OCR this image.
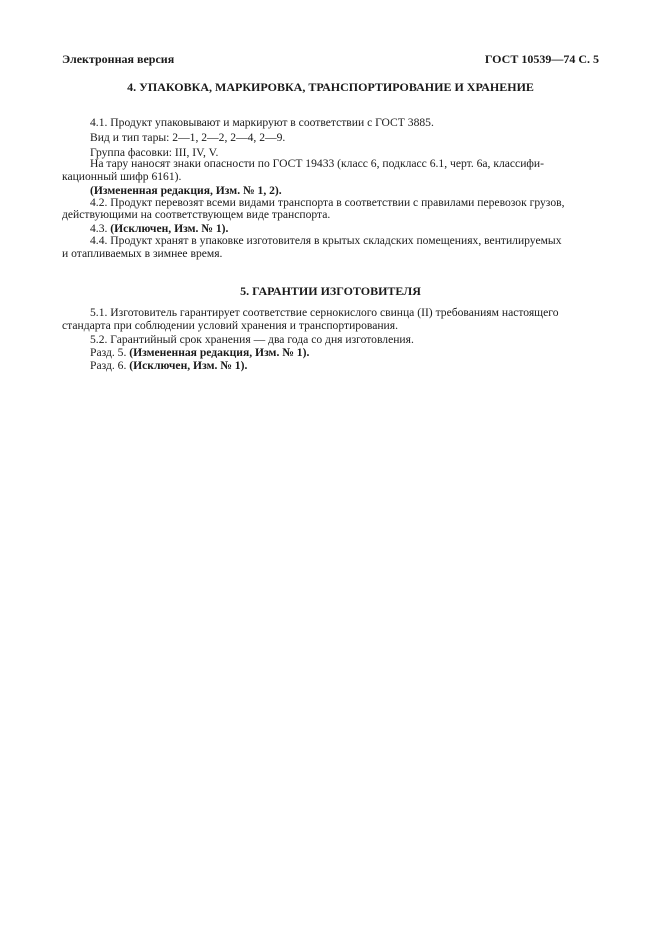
Электронная версия	ГОСТ 10539—74 С. 5
4. УПАКОВКА, МАРКИРОВКА, ТРАНСПОРТИРОВАНИЕ И ХРАНЕНИЕ
4.1. Продукт упаковывают и маркируют в соответствии с ГОСТ 3885.
Вид и тип тары: 2—1, 2—2, 2—4, 2—9.
Группа фасовки: III, IV, V.
На тару наносят знаки опасности по ГОСТ 19433 (класс 6, подкласс 6.1, черт. 6а, классифи-
кационный шифр 6161).
(Измененная редакция, Изм. № 1, 2).
4.2. Продукт перевозят всеми видами транспорта в соответствии с правилами перевозок грузов,
действующими на соответствующем виде транспорта.
4.3. (Исключен, Изм. № 1).
4.4. Продукт хранят в упаковке изготовителя в крытых складских помещениях, вентилируемых
и отапливаемых в зимнее время.
5. ГАРАНТИИ ИЗГОТОВИТЕЛЯ
5.1. Изготовитель гарантирует соответствие сернокислого свинца (II) требованиям настоящего
стандарта при соблюдении условий хранения и транспортирования.
5.2. Гарантийный срок хранения — два года со дня изготовления.
Разд. 5. (Измененная редакция, Изм. № 1).
Разд. 6. (Исключен, Изм. № 1).
